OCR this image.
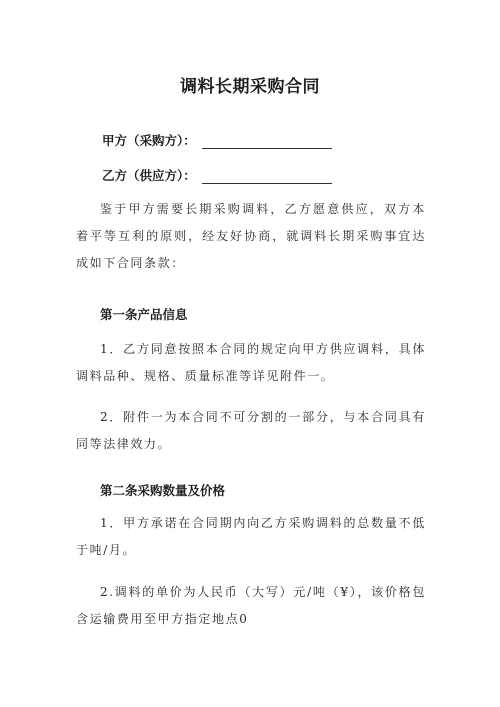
调料长期采购合同
甲方（采购方）：
乙方（供应方）：

鉴于甲方需要长期采购调料，乙方愿意供应，双方本着平等互利的原则，经友好协商，就调料长期采购事宜达成如下合同条款：

第一条产品信息

1．乙方同意按照本合同的规定向甲方供应调料，具体调料品种、规格、质量标准等详见附件一。

2．附件一为本合同不可分割的一部分，与本合同具有同等法律效力。

第二条采购数量及价格

1．甲方承诺在合同期内向乙方采购调料的总数量不低于吨/月。

2.调料的单价为人民币（大写）元/吨（¥），该价格包含运输费用至甲方指定地点0
